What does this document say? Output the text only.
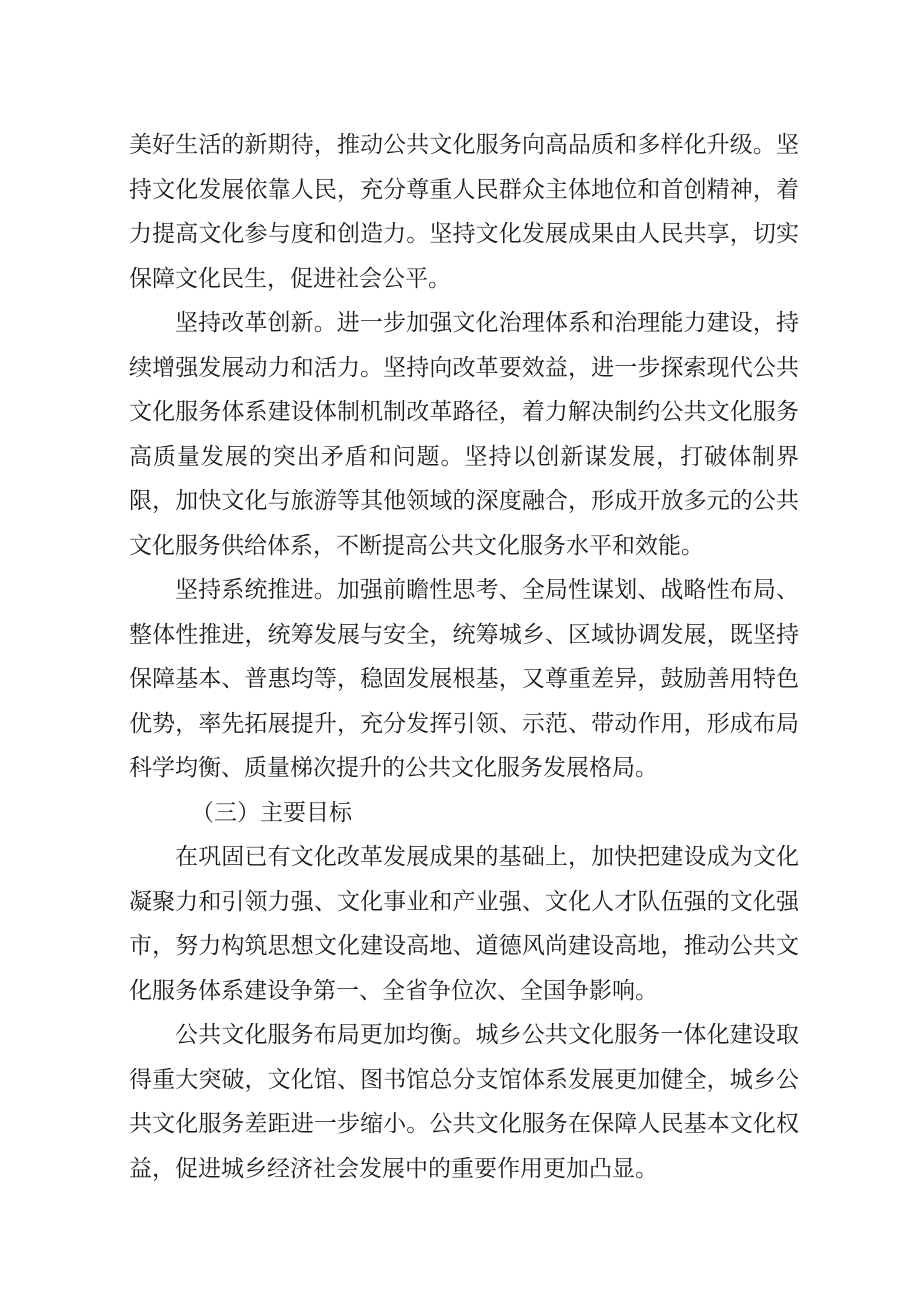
美好生活的新期待，推动公共文化服务向高品质和多样化升级。坚持文化发展依靠人民，充分尊重人民群众主体地位和首创精神，着力提高文化参与度和创造力。坚持文化发展成果由人民共享，切实保障文化民生，促进社会公平。

坚持改革创新。进一步加强文化治理体系和治理能力建设，持续增强发展动力和活力。坚持向改革要效益，进一步探索现代公共文化服务体系建设体制机制改革路径，着力解决制约公共文化服务高质量发展的突出矛盾和问题。坚持以创新谋发展，打破体制界限，加快文化与旅游等其他领域的深度融合，形成开放多元的公共文化服务供给体系，不断提高公共文化服务水平和效能。

坚持系统推进。加强前瞻性思考、全局性谋划、战略性布局、整体性推进，统筹发展与安全，统筹城乡、区域协调发展，既坚持保障基本、普惠均等，稳固发展根基，又尊重差异，鼓励善用特色优势，率先拓展提升，充分发挥引领、示范、带动作用，形成布局科学均衡、质量梯次提升的公共文化服务发展格局。

（三）主要目标

在巩固已有文化改革发展成果的基础上，加快把建设成为文化凝聚力和引领力强、文化事业和产业强、文化人才队伍强的文化强市，努力构筑思想文化建设高地、道德风尚建设高地，推动公共文化服务体系建设争第一、全省争位次、全国争影响。

公共文化服务布局更加均衡。城乡公共文化服务一体化建设取得重大突破，文化馆、图书馆总分支馆体系发展更加健全，城乡公共文化服务差距进一步缩小。公共文化服务在保障人民基本文化权益，促进城乡经济社会发展中的重要作用更加凸显。
